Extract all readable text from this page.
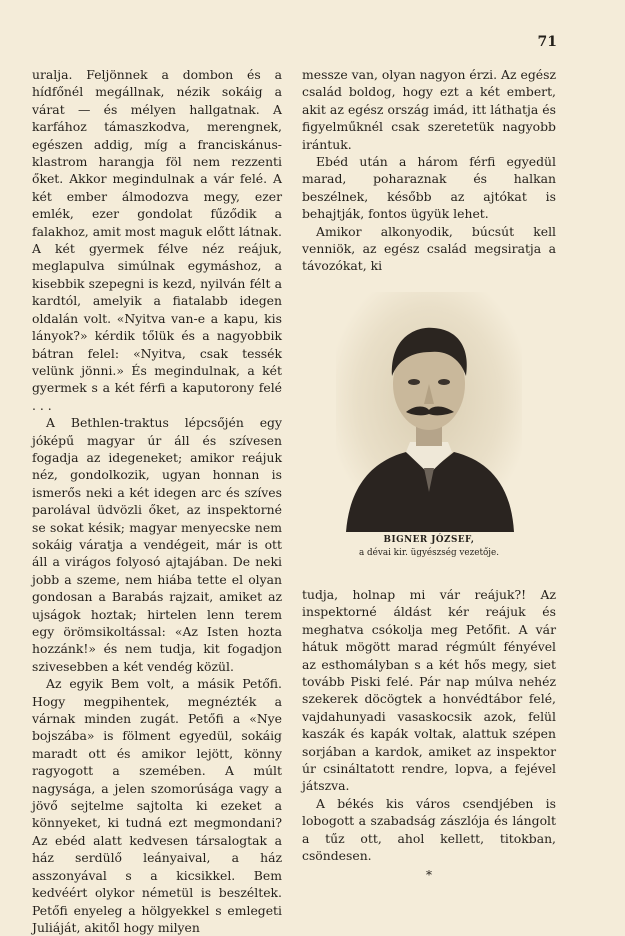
71

uralja. Feljönnek a dombon és a hídfőnél megállnak, nézik sokáig a várat — és mélyen hallgatnak. A karfához támaszkodva, merengnek, egészen addig, míg a franciskánus-klastrom harangja föl nem rezzenti őket. Akkor megindulnak a vár felé. A két ember álmodozva megy, ezer emlék, ezer gondolat fűződik a falakhoz, amit most maguk előtt látnak. A két gyermek félve néz reájuk, meglapulva simúlnak egymáshoz, a kisebbik szepegni is kezd, nyilván félt a kardtól, amelyik a fiatalabb idegen oldalán volt. «Nyitva van-e a kapu, kis lányok?» kérdik tőlük és a nagyobbik bátran felel: «Nyitva, csak tessék velünk jönni.» És megindulnak, a két gyermek s a két férfi a kaputorony felé . . .

A Bethlen-traktus lépcsőjén egy jóképű magyar úr áll és szívesen fogadja az idegeneket; amikor reájuk néz, gondolkozik, ugyan honnan is ismerős neki a két idegen arc és szíves parolával üdvözli őket, az inspektorné se sokat késik; magyar menyecske nem sokáig váratja a vendégeit, már is ott áll a virágos folyosó ajtajában. De neki jobb a szeme, nem hiába tette el olyan gondosan a Barabás rajzait, amiket az ujságok hoztak; hirtelen lenn terem egy örömsikoltással: «Az Isten hozta hozzánk!» és nem tudja, kit fogadjon szivesebben a két vendég közül.

Az egyik Bem volt, a másik Petőfi. Hogy megpihentek, megnézték a várnak minden zugát. Petőfi a «Nye bojszába» is fölment egyedül, sokáig maradt ott és amikor lejött, könny ragyogott a szemében. A múlt nagysága, a jelen szomorúsága vagy a jövő sejtelme sajtolta ki ezeket a könnyeket, ki tudná ezt megmondani? Az ebéd alatt kedvesen társalogtak a ház serdülő leányaival, a ház asszonyával s a kicsikkel. Bem kedvéért olykor németül is beszéltek. Petőfi enyeleg a hölgyekkel s emlegeti Juliáját, akitől hogy milyen

messze van, olyan nagyon érzi. Az egész család boldog, hogy ezt a két embert, akit az egész ország imád, itt láthatja és figyelműknél csak szeretetük nagyobb irántuk.

Ebéd után a három férfi egyedül marad, poharaznak és halkan beszélnek, később az ajtókat is behajtják, fontos ügyük lehet.

Amikor alkonyodik, búcsút kell venniök, az egész család megsiratja a távozókat, ki

BIGNER JÓZSEF,
a dévai kir. ügyészség vezetője.

tudja, holnap mi vár reájuk?! Az inspektorné áldást kér reájuk és meghatva csókolja meg Petőfit. A vár hátuk mögött marad régmúlt fényével az esthomályban s a két hős megy, siet tovább Piski felé. Pár nap múlva nehéz szekerek döcögtek a honvédtábor felé, vajdahunyadi vasaskocsik azok, felül kaszák és kapák voltak, alattuk szépen sorjában a kardok, amiket az inspektor úr csináltatott rendre, lopva, a fejével játszva.

A békés kis város csendjében is lobogott a szabadság zászlója és lángolt a tűz ott, ahol kellett, titokban, csöndesen.

*
